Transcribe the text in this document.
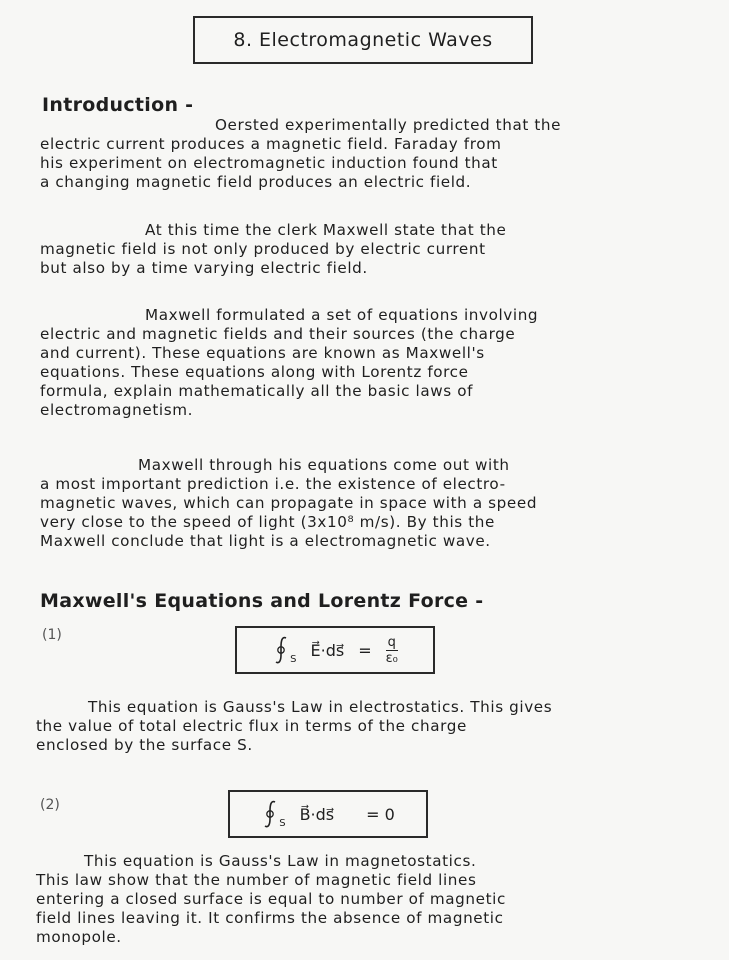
8. Electromagnetic Waves
Introduction -
Oersted experimentally predicted that the
electric current produces a magnetic field. Faraday from
his experiment on electromagnetic induction found that
a changing magnetic field produces an electric field.
At this time the clerk Maxwell state that the
magnetic field is not only produced by electric current
but also by a time varying electric field.
Maxwell formulated a set of equations involving
electric and magnetic fields and their sources (the charge
and current). These equations are known as Maxwell's
equations. These equations along with Lorentz force
formula, explain mathematically all the basic laws of
electromagnetism.
Maxwell through his equations come out with
a most important prediction i.e. the existence of electro-
magnetic waves, which can propagate in space with a speed
very close to the speed of light (3x10⁸ m/s). By this the
Maxwell conclude that light is a electromagnetic wave.
Maxwell's Equations and Lorentz Force -
(1)
S E⃗·ds⃗ = $\frac{q}{\text{ε₀}}$
This equation is Gauss's Law in electrostatics. This gives
the value of total electric flux in terms of the charge
enclosed by the surface S.
(2)
S B⃗·ds⃗ = 0
This equation is Gauss's Law in magnetostatics.
This law show that the number of magnetic field lines
entering a closed surface is equal to number of magnetic
field lines leaving it. It confirms the absence of magnetic
monopole.
